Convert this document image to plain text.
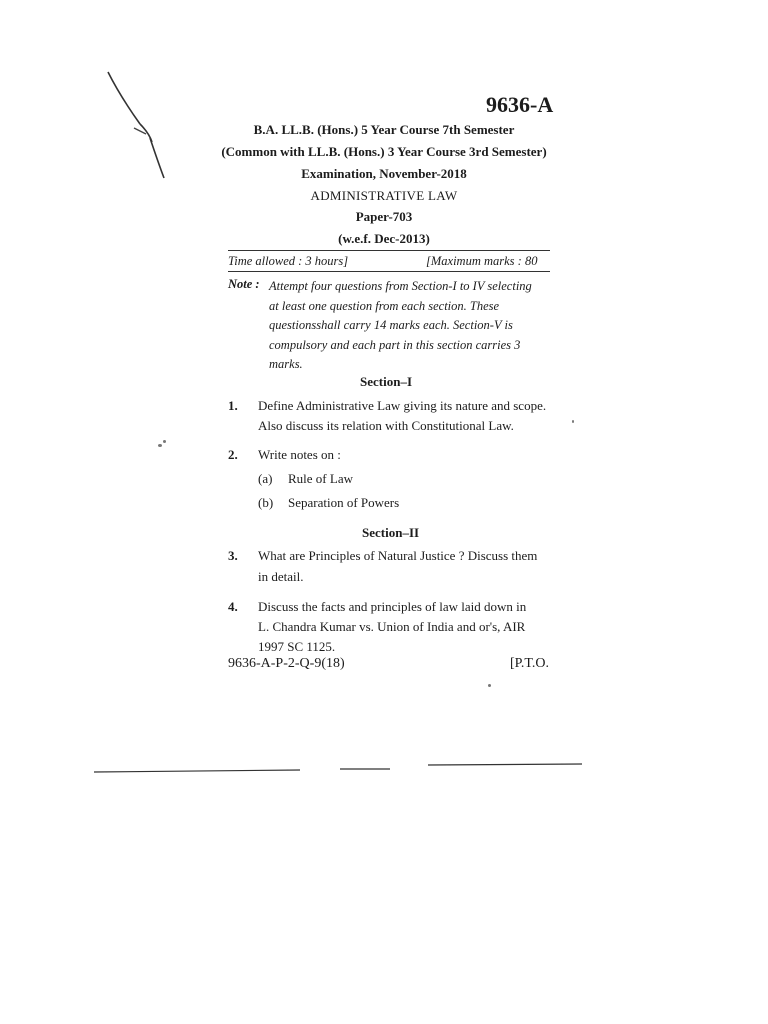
9636-A
B.A. LL.B. (Hons.) 5 Year Course 7th Semester
(Common with LL.B. (Hons.) 3 Year Course 3rd Semester)
Examination, November-2018
ADMINISTRATIVE LAW
Paper-703
(w.e.f. Dec-2013)
Time allowed : 3 hours]	[Maximum marks : 80
Note : Attempt four questions from Section-I to IV selecting
at least one question from each section. These
questionsshall carry 14 marks each. Section-V is
compulsory and each part in this section carries 3
marks.
Section–I
1. Define Administrative Law giving its nature and scope.
Also discuss its relation with Constitutional Law.
2. Write notes on :
(a) Rule of Law
(b) Separation of Powers
Section–II
3. What are Principles of Natural Justice ? Discuss them
in detail.
4. Discuss the facts and principles of law laid down in
L. Chandra Kumar vs. Union of India and or's, AIR
1997 SC 1125.
9636-A-P-2-Q-9(18)	[P.T.O.
